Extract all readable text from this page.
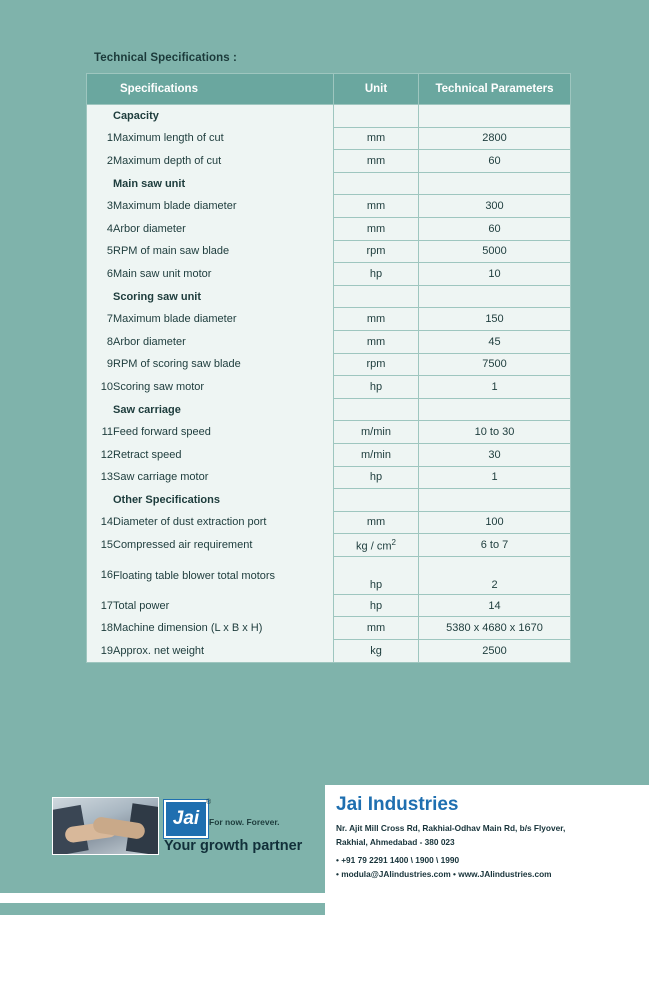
Technical Specifications :
	Specifications	Unit	Technical Parameters
	Capacity		
1	Maximum length of cut	mm	2800
2	Maximum depth of cut	mm	60
	Main saw unit		
3	Maximum blade diameter	mm	300
4	Arbor diameter	mm	60
5	RPM of main saw blade	rpm	5000
6	Main saw unit motor	hp	10
	Scoring saw unit		
7	Maximum blade diameter	mm	150
8	Arbor diameter	mm	45
9	RPM of scoring saw blade	rpm	7500
10	Scoring saw motor	hp	1
	Saw carriage		
11	Feed forward speed	m/min	10 to 30
12	Retract speed	m/min	30
13	Saw carriage motor	hp	1
	Other Specifications		
14	Diameter of dust extraction port	mm	100
15	Compressed air requirement	kg / $cm^2$	6 to 7
16	Floating table blower total motors	hp	2
17	Total power	hp	14
18	Machine dimension (L x B x H)	mm	5380 x 4680 x 1670
19	Approx. net weight	kg	2500
Jai
®
For now. Forever.
Your growth partner
Jai Industries
Nr. Ajit Mill Cross Rd, Rakhial-Odhav Main Rd, b/s Flyover,
Rakhial, Ahmedabad - 380 023
• +91 79 2291 1400 \ 1900 \ 1990
• modula@JAIindustries.com • www.JAIindustries.com
